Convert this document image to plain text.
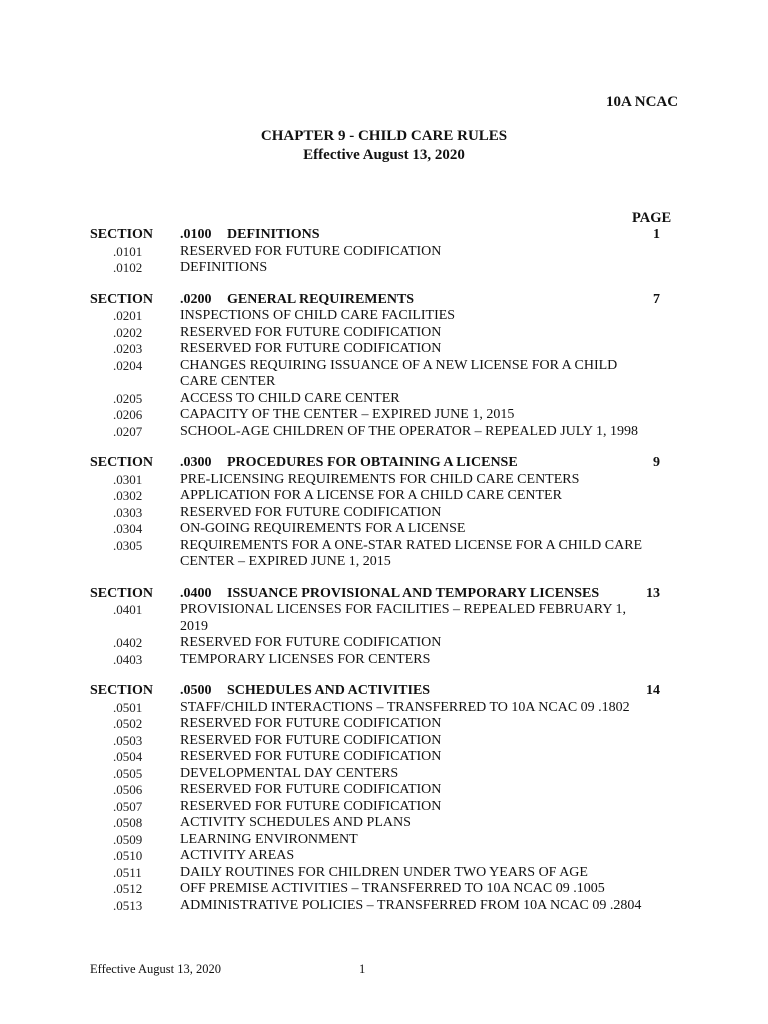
10A NCAC
CHAPTER 9 - CHILD CARE RULES
Effective August 13, 2020
PAGE
SECTION .0100 DEFINITIONS	1
.0101	RESERVED FOR FUTURE CODIFICATION
.0102	DEFINITIONS
SECTION .0200 GENERAL REQUIREMENTS	7
.0201	INSPECTIONS OF CHILD CARE FACILITIES
.0202	RESERVED FOR FUTURE CODIFICATION
.0203	RESERVED FOR FUTURE CODIFICATION
.0204	CHANGES REQUIRING ISSUANCE OF A NEW LICENSE FOR A CHILD CARE CENTER
.0205	ACCESS TO CHILD CARE CENTER
.0206	CAPACITY OF THE CENTER – EXPIRED JUNE 1, 2015
.0207	SCHOOL-AGE CHILDREN OF THE OPERATOR – REPEALED JULY 1, 1998
SECTION .0300 PROCEDURES FOR OBTAINING A LICENSE	9
.0301	PRE-LICENSING REQUIREMENTS FOR CHILD CARE CENTERS
.0302	APPLICATION FOR A LICENSE FOR A CHILD CARE CENTER
.0303	RESERVED FOR FUTURE CODIFICATION
.0304	ON-GOING REQUIREMENTS FOR A LICENSE
.0305	REQUIREMENTS FOR A ONE-STAR RATED LICENSE FOR A CHILD CARE CENTER – EXPIRED JUNE 1, 2015
SECTION .0400 ISSUANCE PROVISIONAL AND TEMPORARY LICENSES	13
.0401	PROVISIONAL LICENSES FOR FACILITIES – REPEALED FEBRUARY 1, 2019
.0402	RESERVED FOR FUTURE CODIFICATION
.0403	TEMPORARY LICENSES FOR CENTERS
SECTION .0500 SCHEDULES AND ACTIVITIES	14
.0501	STAFF/CHILD INTERACTIONS – TRANSFERRED TO 10A NCAC 09 .1802
.0502	RESERVED FOR FUTURE CODIFICATION
.0503	RESERVED FOR FUTURE CODIFICATION
.0504	RESERVED FOR FUTURE CODIFICATION
.0505	DEVELOPMENTAL DAY CENTERS
.0506	RESERVED FOR FUTURE CODIFICATION
.0507	RESERVED FOR FUTURE CODIFICATION
.0508	ACTIVITY SCHEDULES AND PLANS
.0509	LEARNING ENVIRONMENT
.0510	ACTIVITY AREAS
.0511	DAILY ROUTINES FOR CHILDREN UNDER TWO YEARS OF AGE
.0512	OFF PREMISE ACTIVITIES – TRANSFERRED TO 10A NCAC 09 .1005
.0513	ADMINISTRATIVE POLICIES – TRANSFERRED FROM 10A NCAC 09 .2804
Effective August 13, 2020	1
